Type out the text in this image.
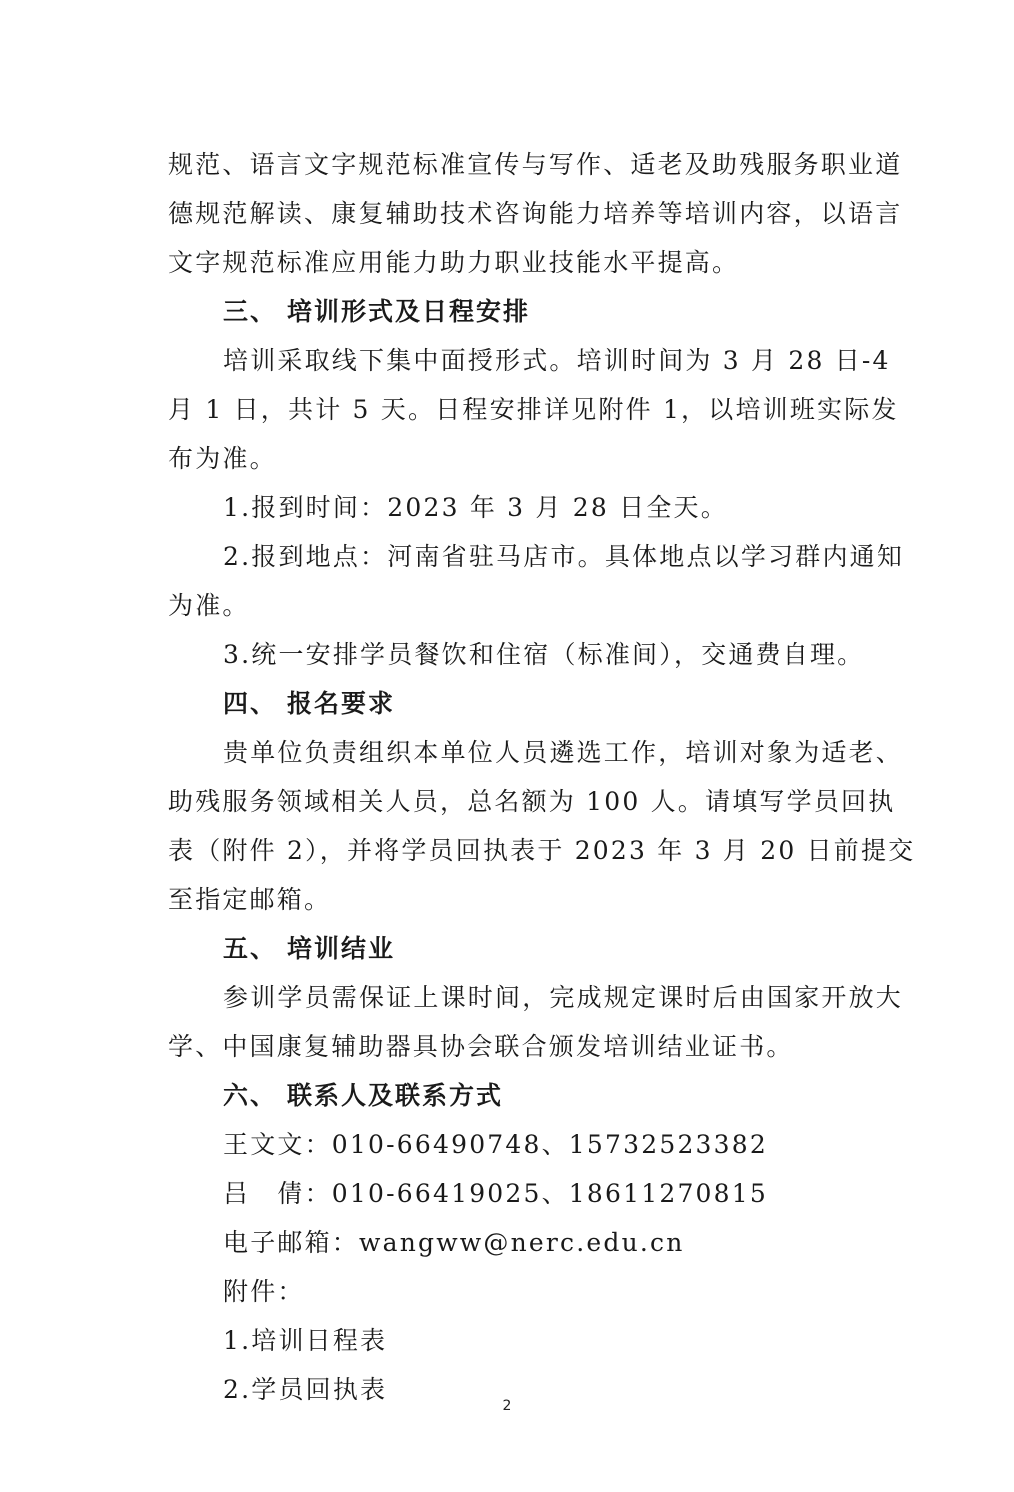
规范、语言文字规范标准宣传与写作、适老及助残服务职业道德规范解读、康复辅助技术咨询能力培养等培训内容，以语言文字规范标准应用能力助力职业技能水平提高。

三、 培训形式及日程安排

培训采取线下集中面授形式。培训时间为 3 月 28 日-4 月 1 日，共计 5 天。日程安排详见附件 1，以培训班实际发布为准。

1.报到时间：2023 年 3 月 28 日全天。

2.报到地点：河南省驻马店市。具体地点以学习群内通知为准。

3.统一安排学员餐饮和住宿（标准间），交通费自理。

四、 报名要求

贵单位负责组织本单位人员遴选工作，培训对象为适老、助残服务领域相关人员，总名额为 100 人。请填写学员回执表（附件 2），并将学员回执表于 2023 年 3 月 20 日前提交至指定邮箱。

五、 培训结业

参训学员需保证上课时间，完成规定课时后由国家开放大学、中国康复辅助器具协会联合颁发培训结业证书。

六、 联系人及联系方式

王文文：010-66490748、15732523382

吕　倩：010-66419025、18611270815

电子邮箱：wangww@nerc.edu.cn

附件：

1.培训日程表

2.学员回执表

2
